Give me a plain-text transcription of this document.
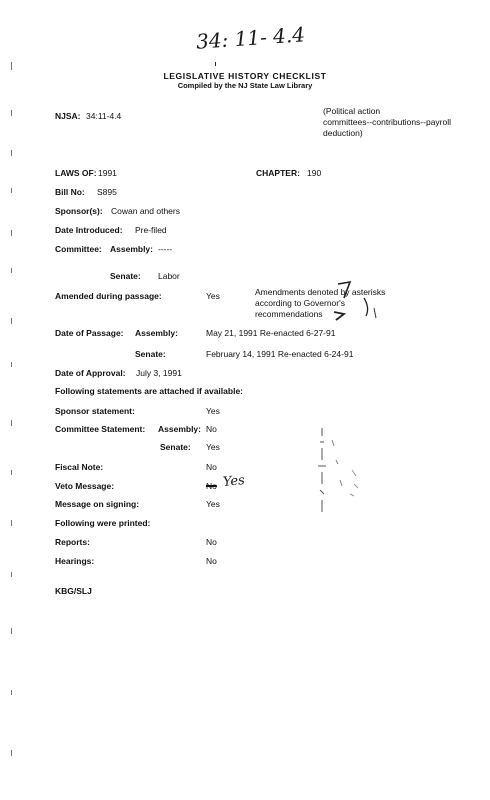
34: 11- 4.4
LEGISLATIVE HISTORY CHECKLIST
Compiled by the NJ State Law Library
NJSA: 34:11-4.4	(Political action
committees--contributions--payroll
deduction)
LAWS OF: 1991	CHAPTER: 190
Bill No: S895
Sponsor(s): Cowan and others
Date Introduced: Pre-filed
Committee: Assembly: -----
Senate: Labor
Amended during passage:	Yes	Amendments denoted by asterisks
according to Governor's
recommendations
Date of Passage: Assembly:	May 21, 1991 Re-enacted 6-27-91
Senate:	February 14, 1991 Re-enacted 6-24-91
Date of Approval: July 3, 1991
Following statements are attached if available:
Sponsor statement:	Yes
Committee Statement: Assembly: No
Senate: Yes
Fiscal Note:	No
Veto Message:	No Yes
Message on signing:	Yes
Following were printed:
Reports:	No
Hearings:	No
KBG/SLJ
